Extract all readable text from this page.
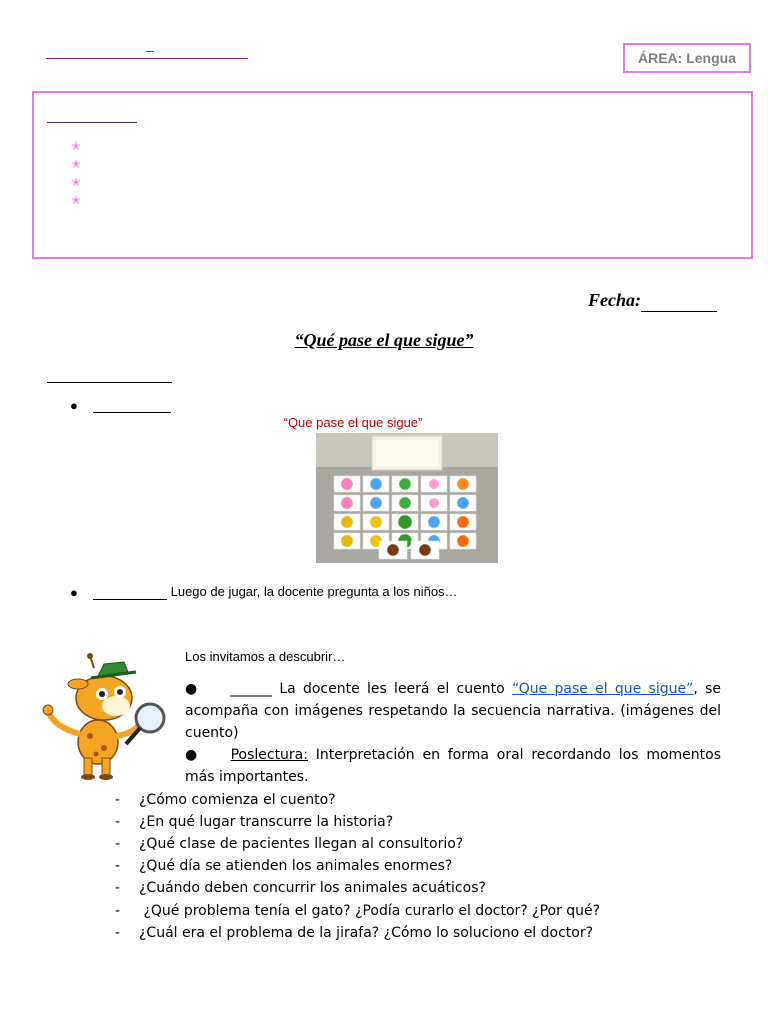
_
ÁREA: Lengua
✭
✭
✭
✭
Fecha:
“Qué pase el que sigue”
●
“Que pase el que sigue”
●	Luego de jugar, la docente pregunta a los niños…
Los invitamos a descubrir…
● ______ La docente les leerá el cuento “Que pase el que sigue”, se acompaña con imágenes respetando la secuencia narrativa. (imágenes del cuento)
● Poslectura: Interpretación en forma oral recordando los momentos más importantes.
- ¿Cómo comienza el cuento?
- ¿En qué lugar transcurre la historia?
- ¿Qué clase de pacientes llegan al consultorio?
- ¿Qué día se atienden los animales enormes?
- ¿Cuándo deben concurrir los animales acuáticos?
- ¿Qué problema tenía el gato? ¿Podía curarlo el doctor? ¿Por qué?
- ¿Cuál era el problema de la jirafa? ¿Cómo lo soluciono el doctor?
